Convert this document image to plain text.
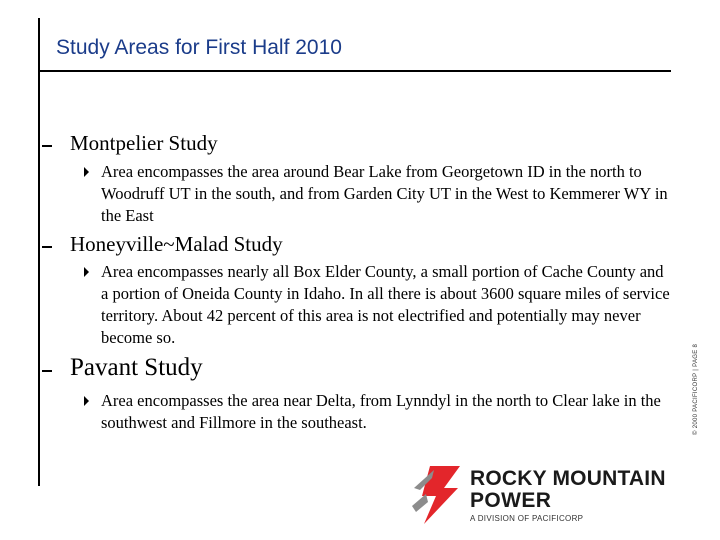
Study Areas for First Half 2010
Montpelier Study
Area encompasses the area around Bear Lake from Georgetown ID in the north to Woodruff UT in the south, and from Garden City UT in the West to Kemmerer WY in the East
Honeyville~Malad Study
Area encompasses nearly all Box Elder County, a small portion of Cache County and a portion of Oneida County in Idaho. In all there is about 3600 square miles of service territory. About 42 percent of this area is not electrified and potentially may never become so.
Pavant Study
Area encompasses the area near Delta, from Lynndyl in the north to Clear lake in the southwest and Fillmore in the southeast.	© 2000 PACIFICORP | PAGE 8
ROCKY MOUNTAIN
POWER
A DIVISION OF PACIFICORP
